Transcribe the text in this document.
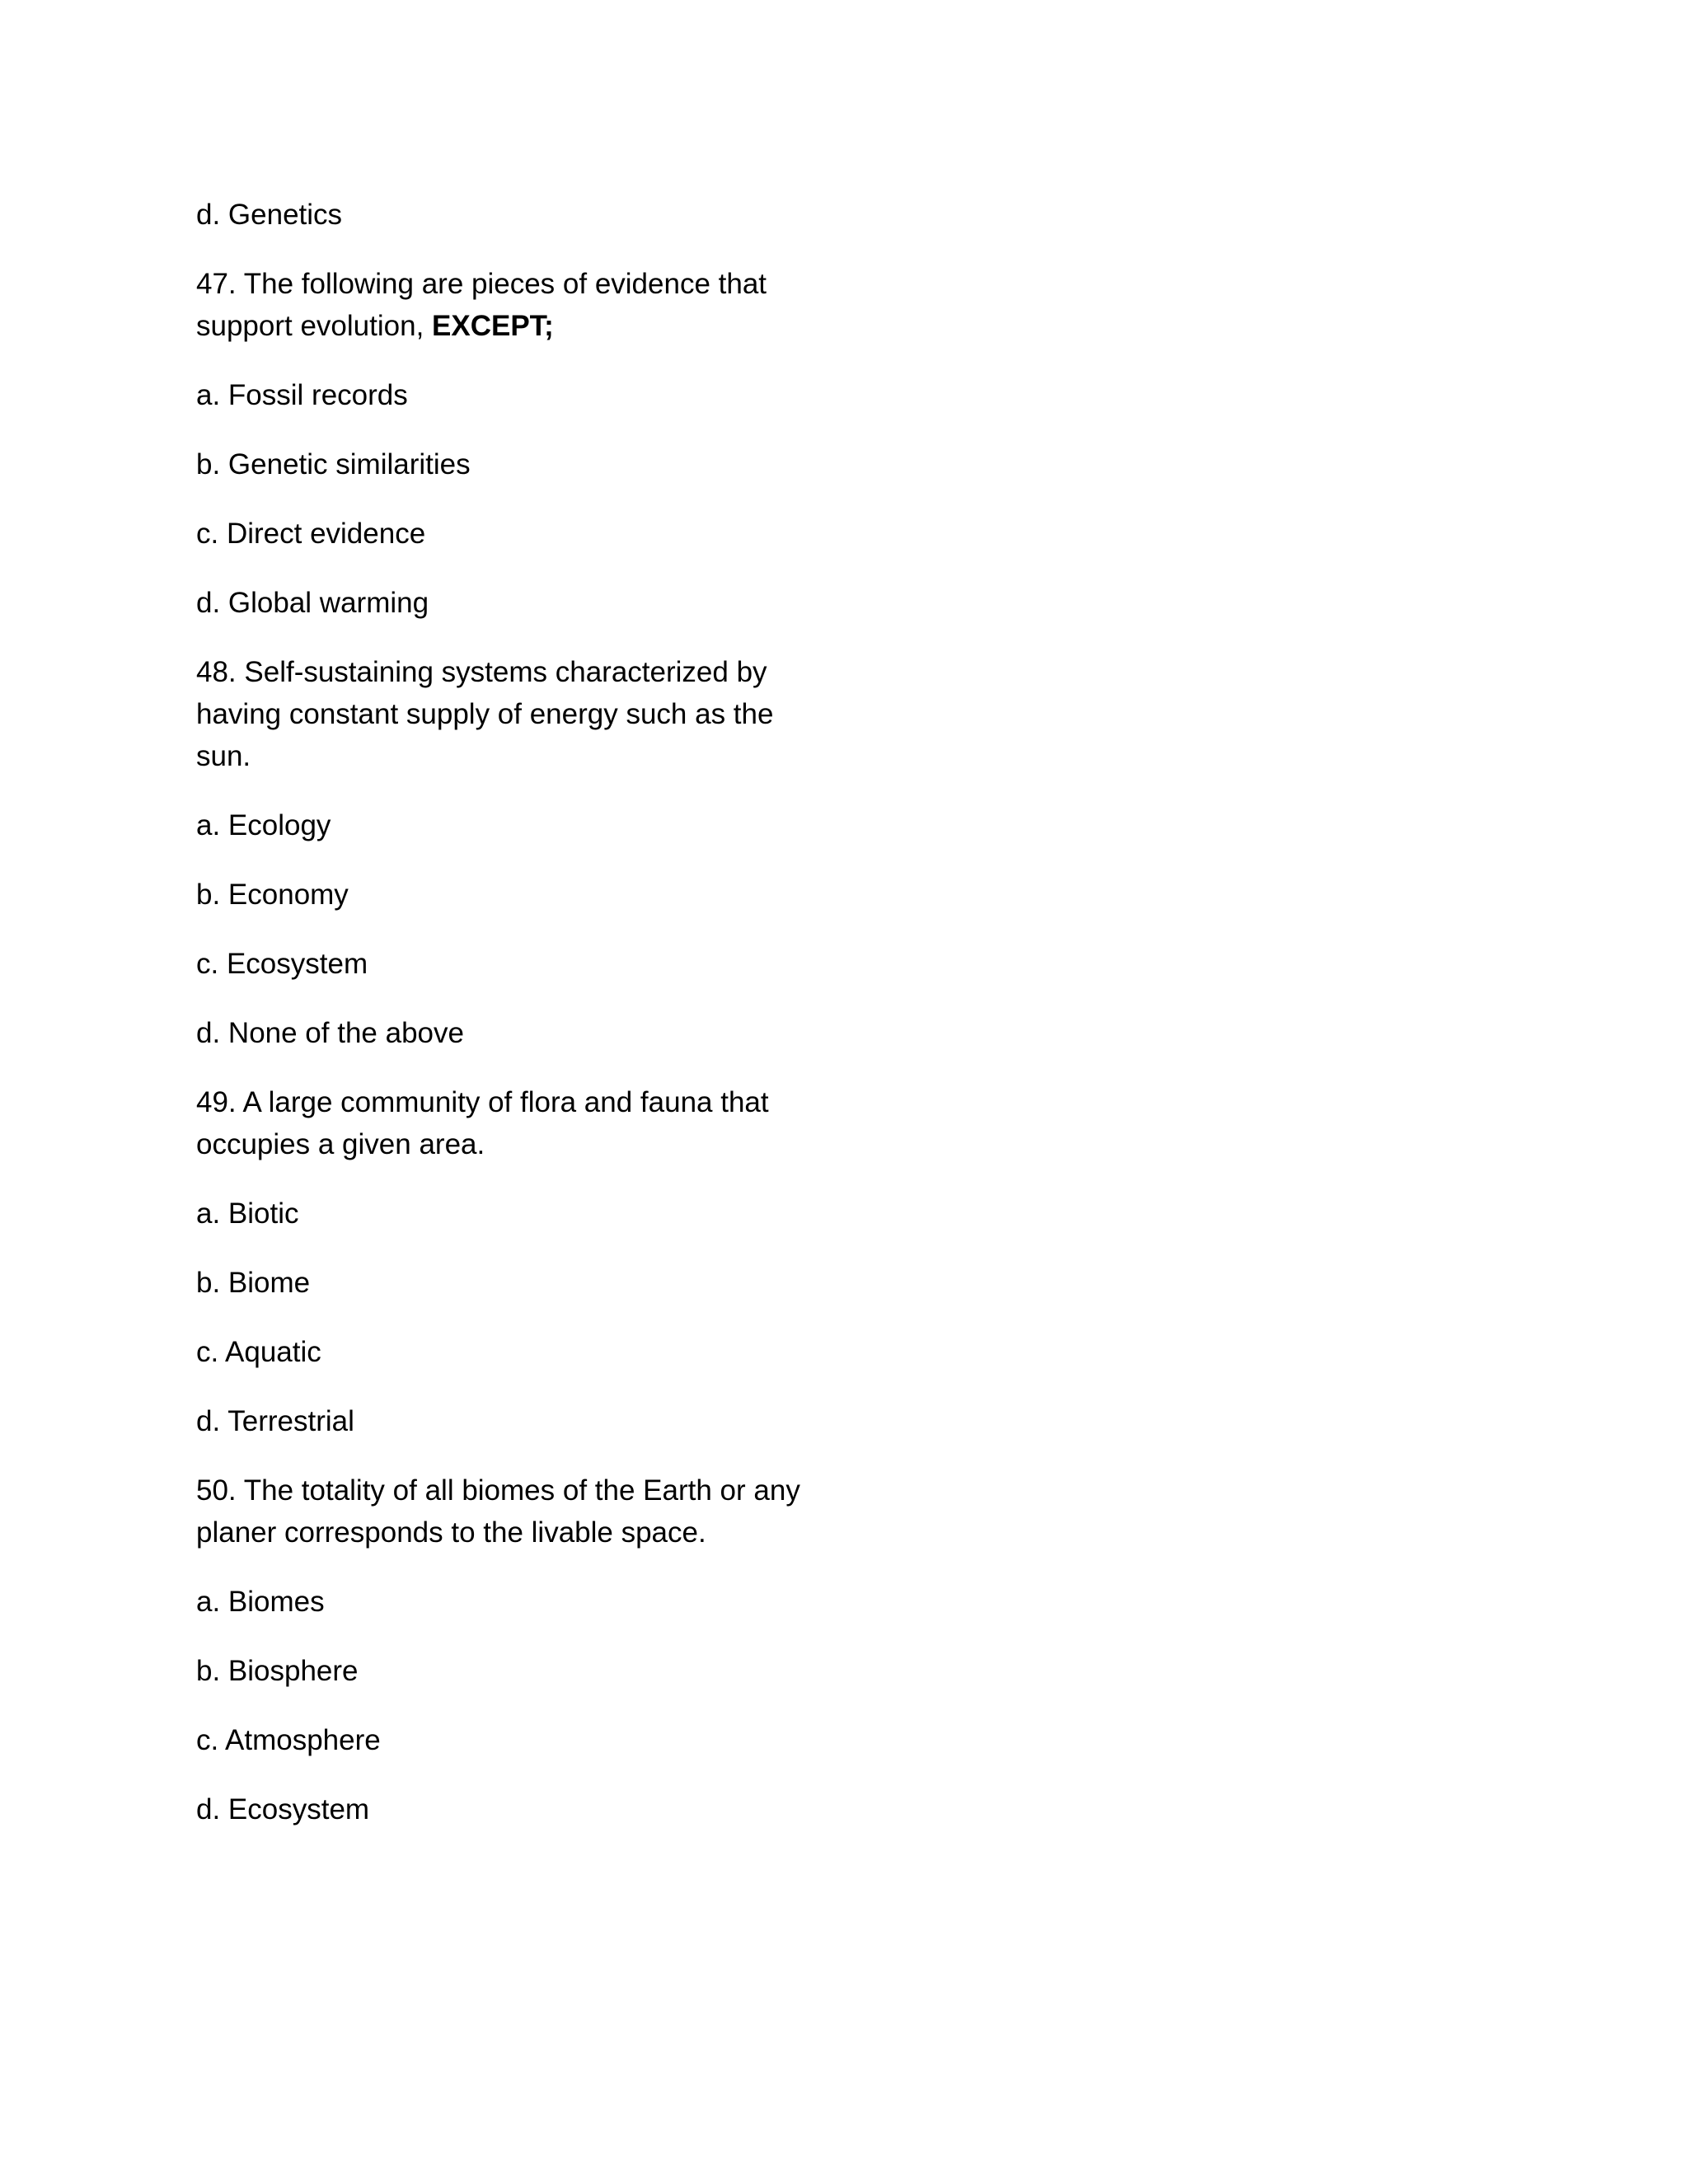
d. Genetics
47. The following are pieces of evidence that
support evolution, EXCEPT;
a. Fossil records
b. Genetic similarities
c. Direct evidence
d. Global warming
48. Self-sustaining systems characterized by
having constant supply of energy such as the
sun.
a. Ecology
b. Economy
c. Ecosystem
d. None of the above
49. A large community of flora and fauna that
occupies a given area.
a. Biotic
b. Biome
c. Aquatic
d. Terrestrial
50. The totality of all biomes of the Earth or any
planer corresponds to the livable space.
a. Biomes
b. Biosphere
c. Atmosphere
d. Ecosystem
